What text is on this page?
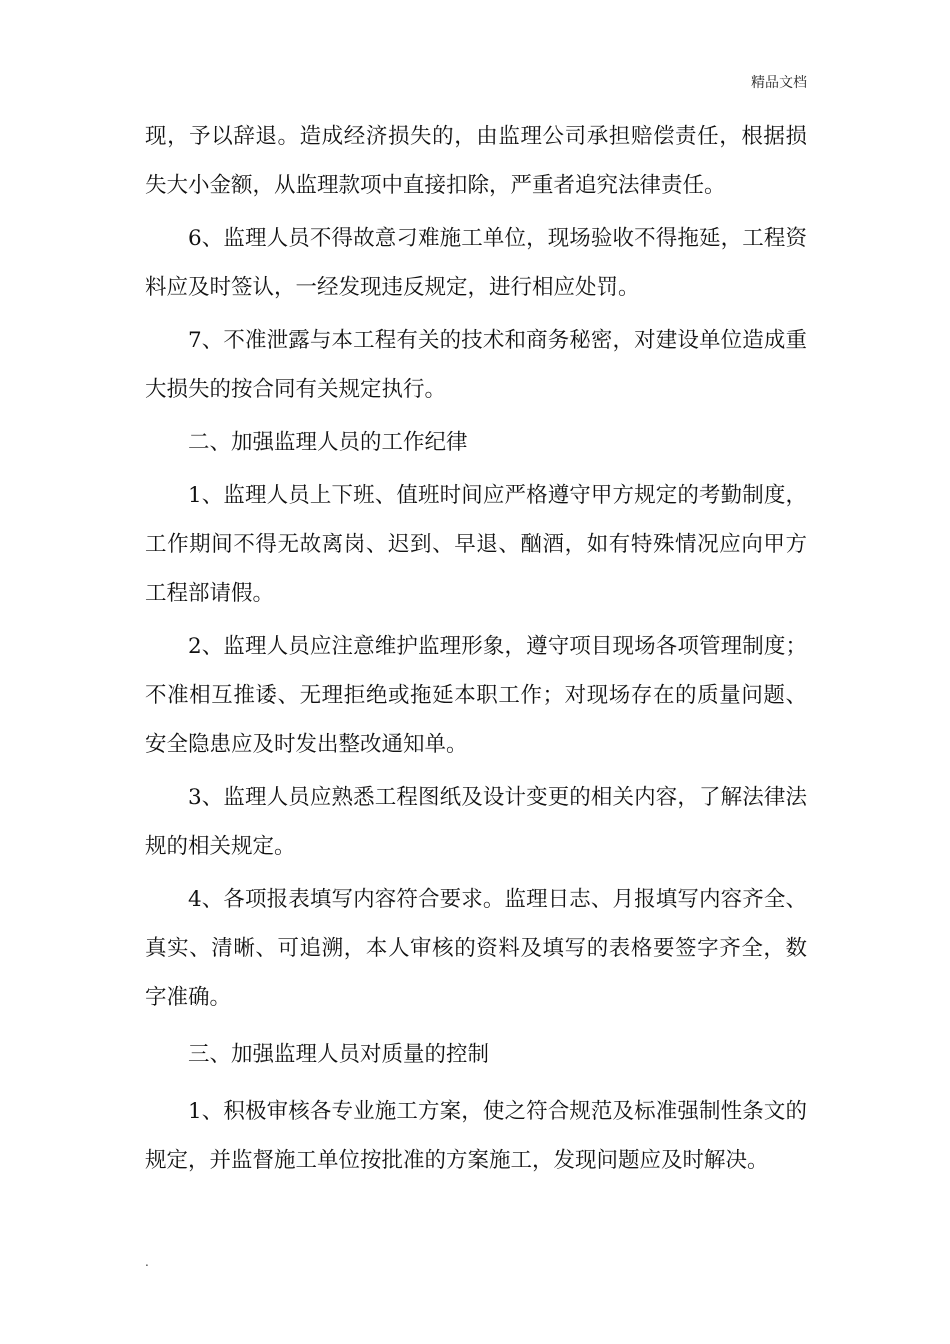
精品文档

现，予以辞退。造成经济损失的，由监理公司承担赔偿责任，根据损失大小金额，从监理款项中直接扣除，严重者追究法律责任。

6、监理人员不得故意刁难施工单位，现场验收不得拖延，工程资料应及时签认，一经发现违反规定，进行相应处罚。

7、不准泄露与本工程有关的技术和商务秘密，对建设单位造成重大损失的按合同有关规定执行。

二、加强监理人员的工作纪律

1、监理人员上下班、值班时间应严格遵守甲方规定的考勤制度，工作期间不得无故离岗、迟到、早退、酗酒，如有特殊情况应向甲方工程部请假。

2、监理人员应注意维护监理形象，遵守项目现场各项管理制度；不准相互推诿、无理拒绝或拖延本职工作；对现场存在的质量问题、安全隐患应及时发出整改通知单。

3、监理人员应熟悉工程图纸及设计变更的相关内容，了解法律法规的相关规定。

4、各项报表填写内容符合要求。监理日志、月报填写内容齐全、真实、清晰、可追溯，本人审核的资料及填写的表格要签字齐全，数字准确。

三、加强监理人员对质量的控制

1、积极审核各专业施工方案，使之符合规范及标准强制性条文的规定，并监督施工单位按批准的方案施工，发现问题应及时解决。

.
